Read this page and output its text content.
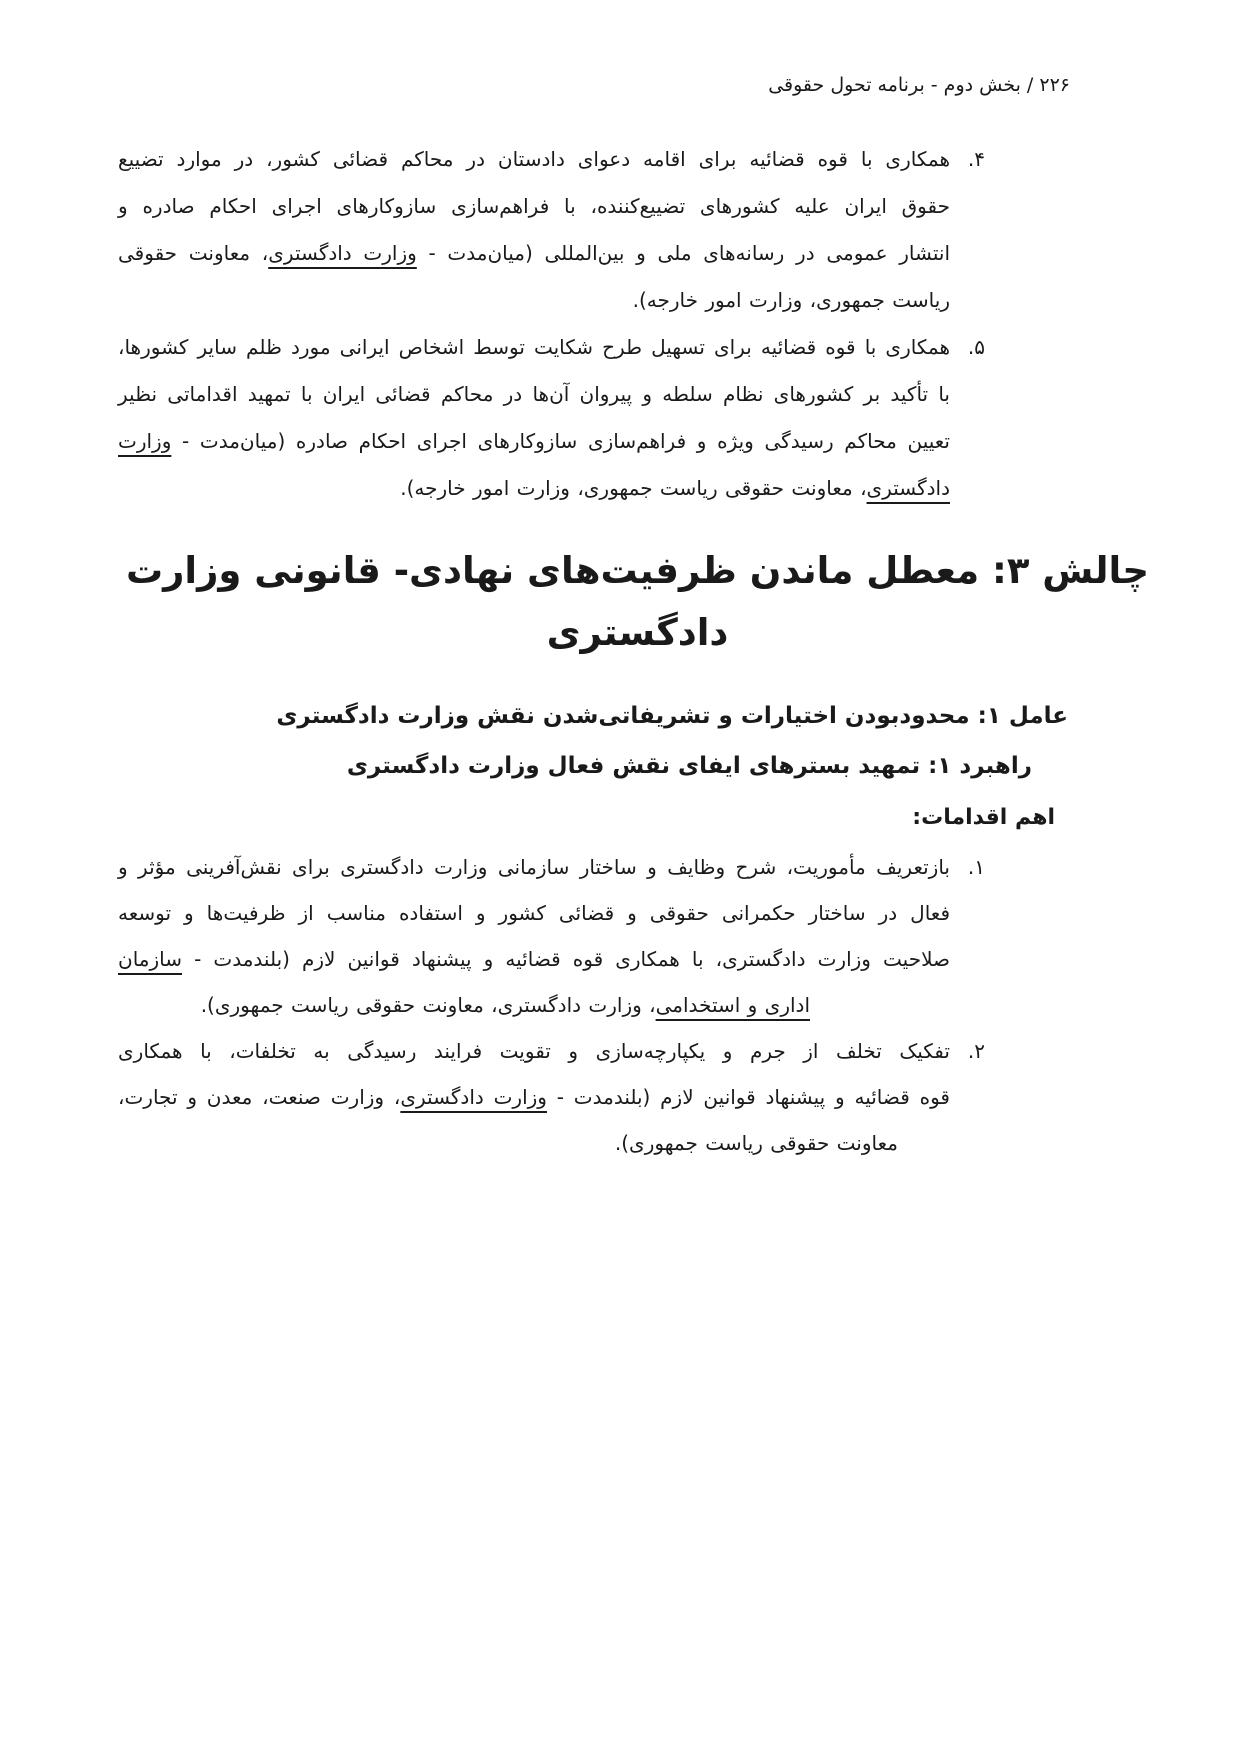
۲۲۶ / بخش دوم - برنامه تحول حقوقی
۴.
همکاری با قوه قضائیه برای اقامه دعوای دادستان در محاکم قضائی کشور، در موارد تضییع
حقوق ایران علیه کشورهای تضییع‌کننده، با فراهم‌سازی سازوکارهای اجرای احکام صادره و
انتشار عمومی در رسانه‌های ملی و بین‌المللی (میان‌مدت - وزارت دادگستری، معاونت حقوقی
ریاست جمهوری، وزارت امور خارجه).
۵.
همکاری با قوه قضائیه برای تسهیل طرح شکایت توسط اشخاص ایرانی مورد ظلم سایر کشورها،
با تأکید بر کشورهای نظام سلطه و پیروان آن‌ها در محاکم قضائی ایران با تمهید اقداماتی نظیر
تعیین محاکم رسیدگی ویژه و فراهم‌سازی سازوکارهای اجرای احکام صادره (میان‌مدت - وزارت
دادگستری، معاونت حقوقی ریاست جمهوری، وزارت امور خارجه).
چالش ۳: معطل ماندن ظرفیت‌های نهادی- قانونی وزارت دادگستری
عامل ۱: محدودبودن اختیارات و تشریفاتی‌شدن نقش وزارت دادگستری
راهبرد ۱: تمهید بسترهای ایفای نقش فعال وزارت دادگستری
اهم اقدامات:
۱.
بازتعریف مأموریت، شرح وظایف و ساختار سازمانی وزارت دادگستری برای نقش‌آفرینی مؤثر و
فعال در ساختار حکمرانی حقوقی و قضائی کشور و استفاده مناسب از ظرفیت‌ها و توسعه
صلاحیت وزارت دادگستری، با همکاری قوه قضائیه و پیشنهاد قوانین لازم (بلندمدت - سازمان
اداری و استخدامی، وزارت دادگستری، معاونت حقوقی ریاست جمهوری).
۲.
تفکیک تخلف از جرم و یکپارچه‌سازی و تقویت فرایند رسیدگی به تخلفات، با همکاری
قوه قضائیه و پیشنهاد قوانین لازم (بلندمدت - وزارت دادگستری، وزارت صنعت، معدن و تجارت،
معاونت حقوقی ریاست جمهوری).
